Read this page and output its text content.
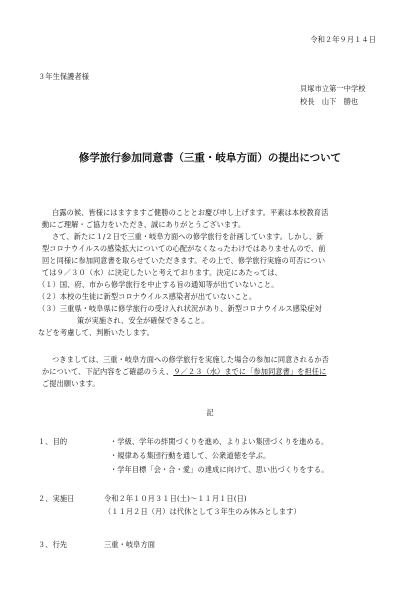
令和２年９月１４日
３年生保護者様
貝塚市立第一中学校
校長　山下　勝也
修学旅行参加同意書（三重・岐阜方面）の提出について
白露の候、皆様にはますますご健勝のこととお慶び申し上げます。平素は本校教育活
動にご理解・ご協力をいただき、誠にありがとうございます。
さて、新たに１/２日で三重・岐阜方面への修学旅行を計画しています。しかし、新
型コロナウイルスの感染拡大についての心配がなくなったわけではありませんので、前
回と同様に参加同意書を取らせていただきます。その上で、修学旅行実施の可否につい
ては９／３０（水）に決定したいと考えております。決定にあたっては、
（１）国、府、市から修学旅行を中止する旨の通知等が出ていないこと。
（２）本校の生徒に新型コロナウイルス感染者が出ていないこと。
（３）三重県・岐阜県に修学旅行の受け入れ状況があり、新型コロナウイルス感染症対
策が実施され、安全が確保できること。
などを考慮して、判断いたします。
つきましては、三重・岐阜方面への修学旅行を実施した場合の参加に同意されるか否
かについて、下記内容をご確認のうえ、９／２３（水）までに「参加同意書」を担任に
ご提出願います。
記
１、目的	・学級、学年の絆関づくりを進め、よりよい集団づくりを進める。
・規律ある集団行動を通して、公衆道徳を学ぶ。
・学年目標「会・合・愛」の達成に向けて、思い出づくりをする。
２、実施日	令和２年１０月３１日(土)〜１１月１日(日)
（１１月２日（月）は代休として３年生のみ休みとします）
３、行先	三重・岐阜方面
